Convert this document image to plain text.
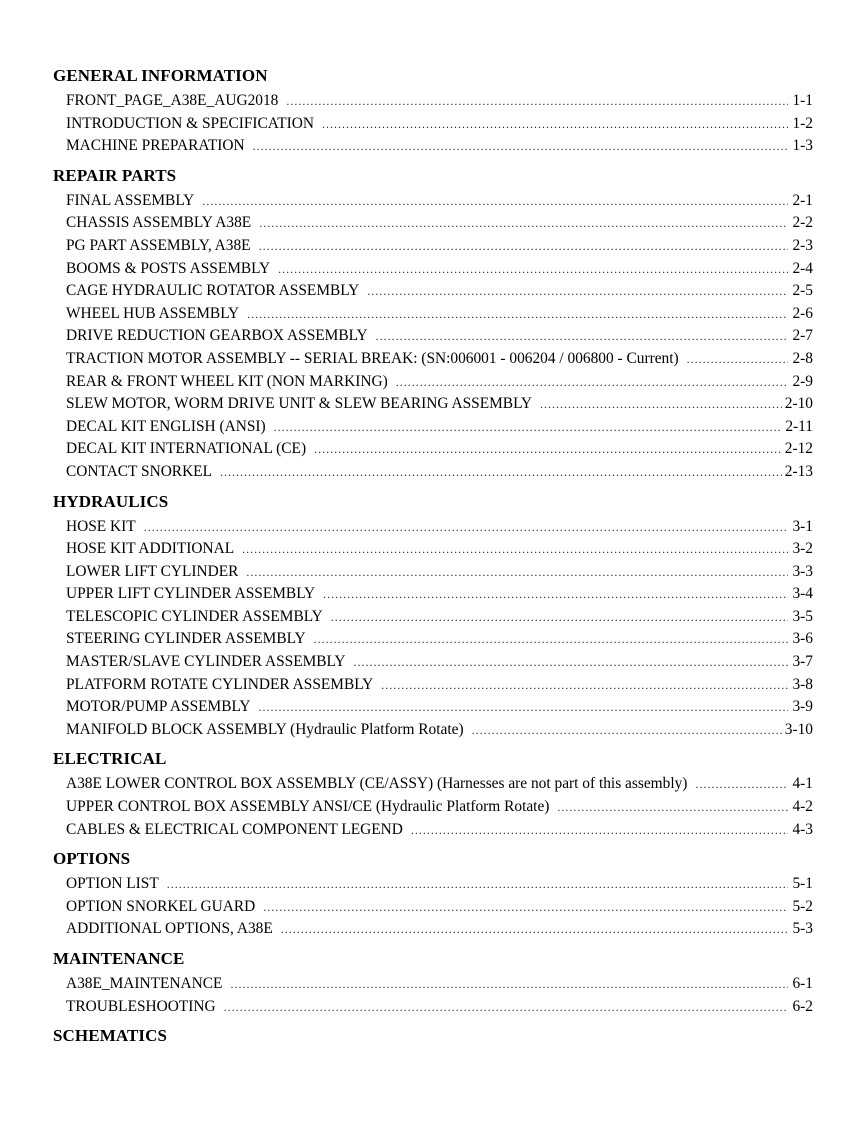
GENERAL INFORMATION
FRONT_PAGE_A38E_AUG2018 . . .	1-1
INTRODUCTION & SPECIFICATION . . .	1-2
MACHINE PREPARATION . . .	1-3
REPAIR PARTS
FINAL ASSEMBLY . . .	2-1
CHASSIS ASSEMBLY A38E . . .	2-2
PG PART ASSEMBLY, A38E . . .	2-3
BOOMS & POSTS ASSEMBLY . . .	2-4
CAGE HYDRAULIC ROTATOR ASSEMBLY . . .	2-5
WHEEL HUB ASSEMBLY . . .	2-6
DRIVE REDUCTION GEARBOX ASSEMBLY . . .	2-7
TRACTION MOTOR ASSEMBLY -- SERIAL BREAK: (SN:006001 - 006204 / 006800 - Current) . . .	2-8
REAR & FRONT WHEEL KIT (NON MARKING) . . .	2-9
SLEW MOTOR, WORM DRIVE UNIT & SLEW BEARING ASSEMBLY . . .	2-10
DECAL KIT ENGLISH (ANSI) . . .	2-11
DECAL KIT INTERNATIONAL (CE) . . .	2-12
CONTACT SNORKEL . . .	2-13
HYDRAULICS
HOSE KIT . . .	3-1
HOSE KIT ADDITIONAL . . .	3-2
LOWER LIFT CYLINDER . . .	3-3
UPPER LIFT CYLINDER ASSEMBLY . . .	3-4
TELESCOPIC CYLINDER ASSEMBLY . . .	3-5
STEERING CYLINDER ASSEMBLY . . .	3-6
MASTER/SLAVE CYLINDER ASSEMBLY . . .	3-7
PLATFORM ROTATE CYLINDER ASSEMBLY . . .	3-8
MOTOR/PUMP ASSEMBLY . . .	3-9
MANIFOLD BLOCK ASSEMBLY (Hydraulic Platform Rotate) . . .	3-10
ELECTRICAL
A38E LOWER CONTROL BOX ASSEMBLY (CE/ASSY) (Harnesses are not part of this assembly) . . .	4-1
UPPER CONTROL BOX ASSEMBLY ANSI/CE (Hydraulic Platform Rotate) . . .	4-2
CABLES & ELECTRICAL COMPONENT LEGEND . . .	4-3
OPTIONS
OPTION LIST . . .	5-1
OPTION SNORKEL GUARD . . .	5-2
ADDITIONAL OPTIONS, A38E . . .	5-3
MAINTENANCE
A38E_MAINTENANCE . . .	6-1
TROUBLESHOOTING . . .	6-2
SCHEMATICS
